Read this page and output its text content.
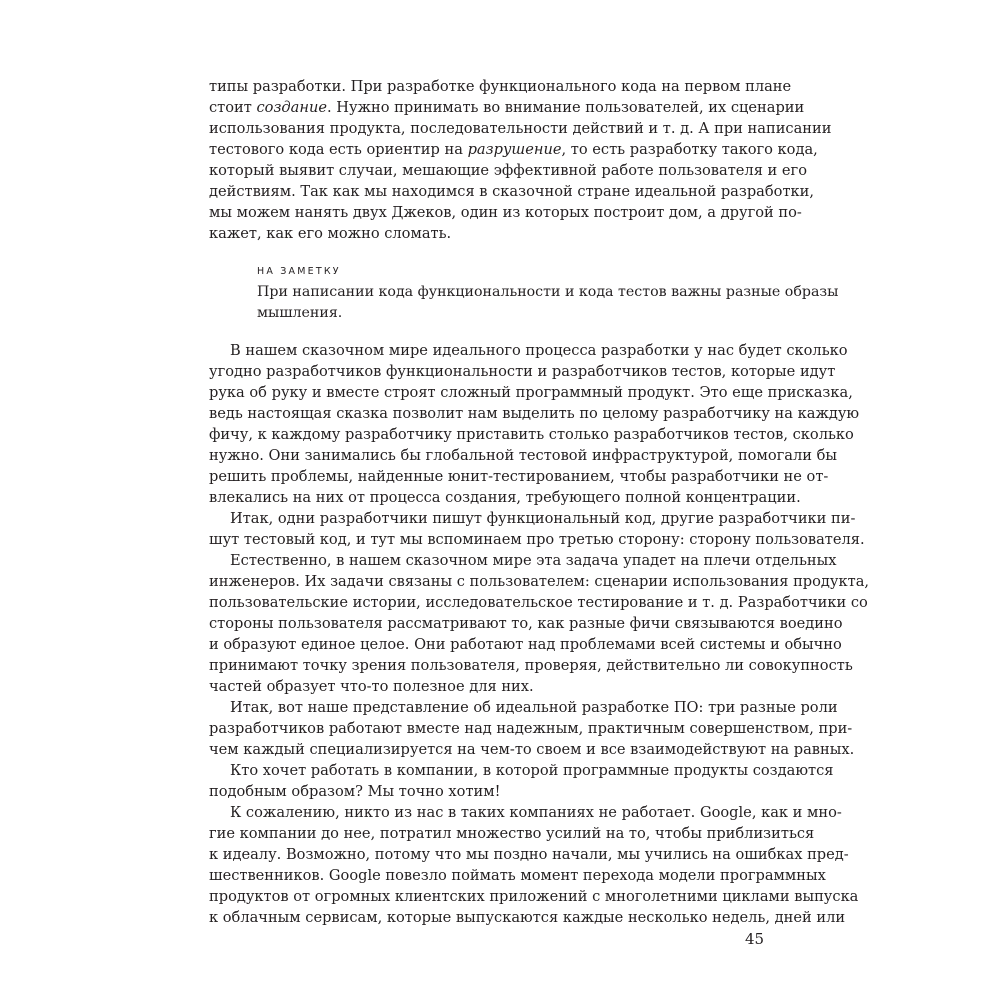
типы разработки. При разработке функционального кода на первом плане
стоит создание. Нужно принимать во внимание пользователей, их сценарии
использования продукта, последовательности действий и т. д. А при написании
тестового кода есть ориентир на разрушение, то есть разработку такого кода,
который выявит случаи, мешающие эффективной работе пользователя и его
действиям. Так как мы находимся в сказочной стране идеальной разработки,
мы можем нанять двух Джеков, один из которых построит дом, а другой по-
кажет, как его можно сломать.
НА ЗАМЕТКУ
При написании кода функциональности и кода тестов важны разные образы
мышления.
В нашем сказочном мире идеального процесса разработки у нас будет сколько
угодно разработчиков функциональности и разработчиков тестов, которые идут
рука об руку и вместе строят сложный программный продукт. Это еще присказка,
ведь настоящая сказка позволит нам выделить по целому разработчику на каждую
фичу, к каждому разработчику приставить столько разработчиков тестов, сколько
нужно. Они занимались бы глобальной тестовой инфраструктурой, помогали бы
решить проблемы, найденные юнит-тестированием, чтобы разработчики не от-
влекались на них от процесса создания, требующего полной концентрации.
Итак, одни разработчики пишут функциональный код, другие разработчики пи-
шут тестовый код, и тут мы вспоминаем про третью сторону: сторону пользователя.
Естественно, в нашем сказочном мире эта задача упадет на плечи отдельных
инженеров. Их задачи связаны с пользователем: сценарии использования продукта,
пользовательские истории, исследовательское тестирование и т. д. Разработчики со
стороны пользователя рассматривают то, как разные фичи связываются воедино
и образуют единое целое. Они работают над проблемами всей системы и обычно
принимают точку зрения пользователя, проверяя, действительно ли совокупность
частей образует что-то полезное для них.
Итак, вот наше представление об идеальной разработке ПО: три разные роли
разработчиков работают вместе над надежным, практичным совершенством, при-
чем каждый специализируется на чем-то своем и все взаимодействуют на равных.
Кто хочет работать в компании, в которой программные продукты создаются
подобным образом? Мы точно хотим!
К сожалению, никто из нас в таких компаниях не работает. Google, как и мно-
гие компании до нее, потратил множество усилий на то, чтобы приблизиться
к идеалу. Возможно, потому что мы поздно начали, мы учились на ошибках пред-
шественников. Google повезло поймать момент перехода модели программных
продуктов от огромных клиентских приложений с многолетними циклами выпуска
к облачным сервисам, которые выпускаются каждые несколько недель, дней или
45
